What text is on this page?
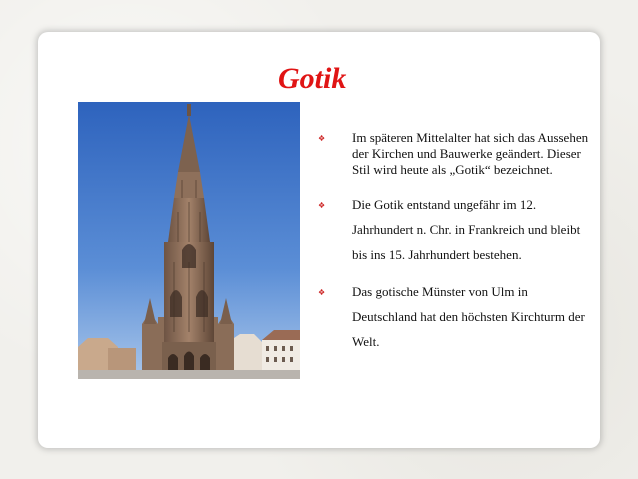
Gotik
❖ Im späteren Mittelalter hat sich das Aussehen der Kirchen und Bauwerke geändert. Dieser Stil wird heute als „Gotik“ bezeichnet.
❖ Die Gotik entstand ungefähr im 12. Jahrhundert n. Chr. in Frankreich und bleibt bis ins 15. Jahrhundert bestehen.
❖ Das gotische Münster von Ulm in Deutschland hat den höchsten Kirchturm der Welt.
